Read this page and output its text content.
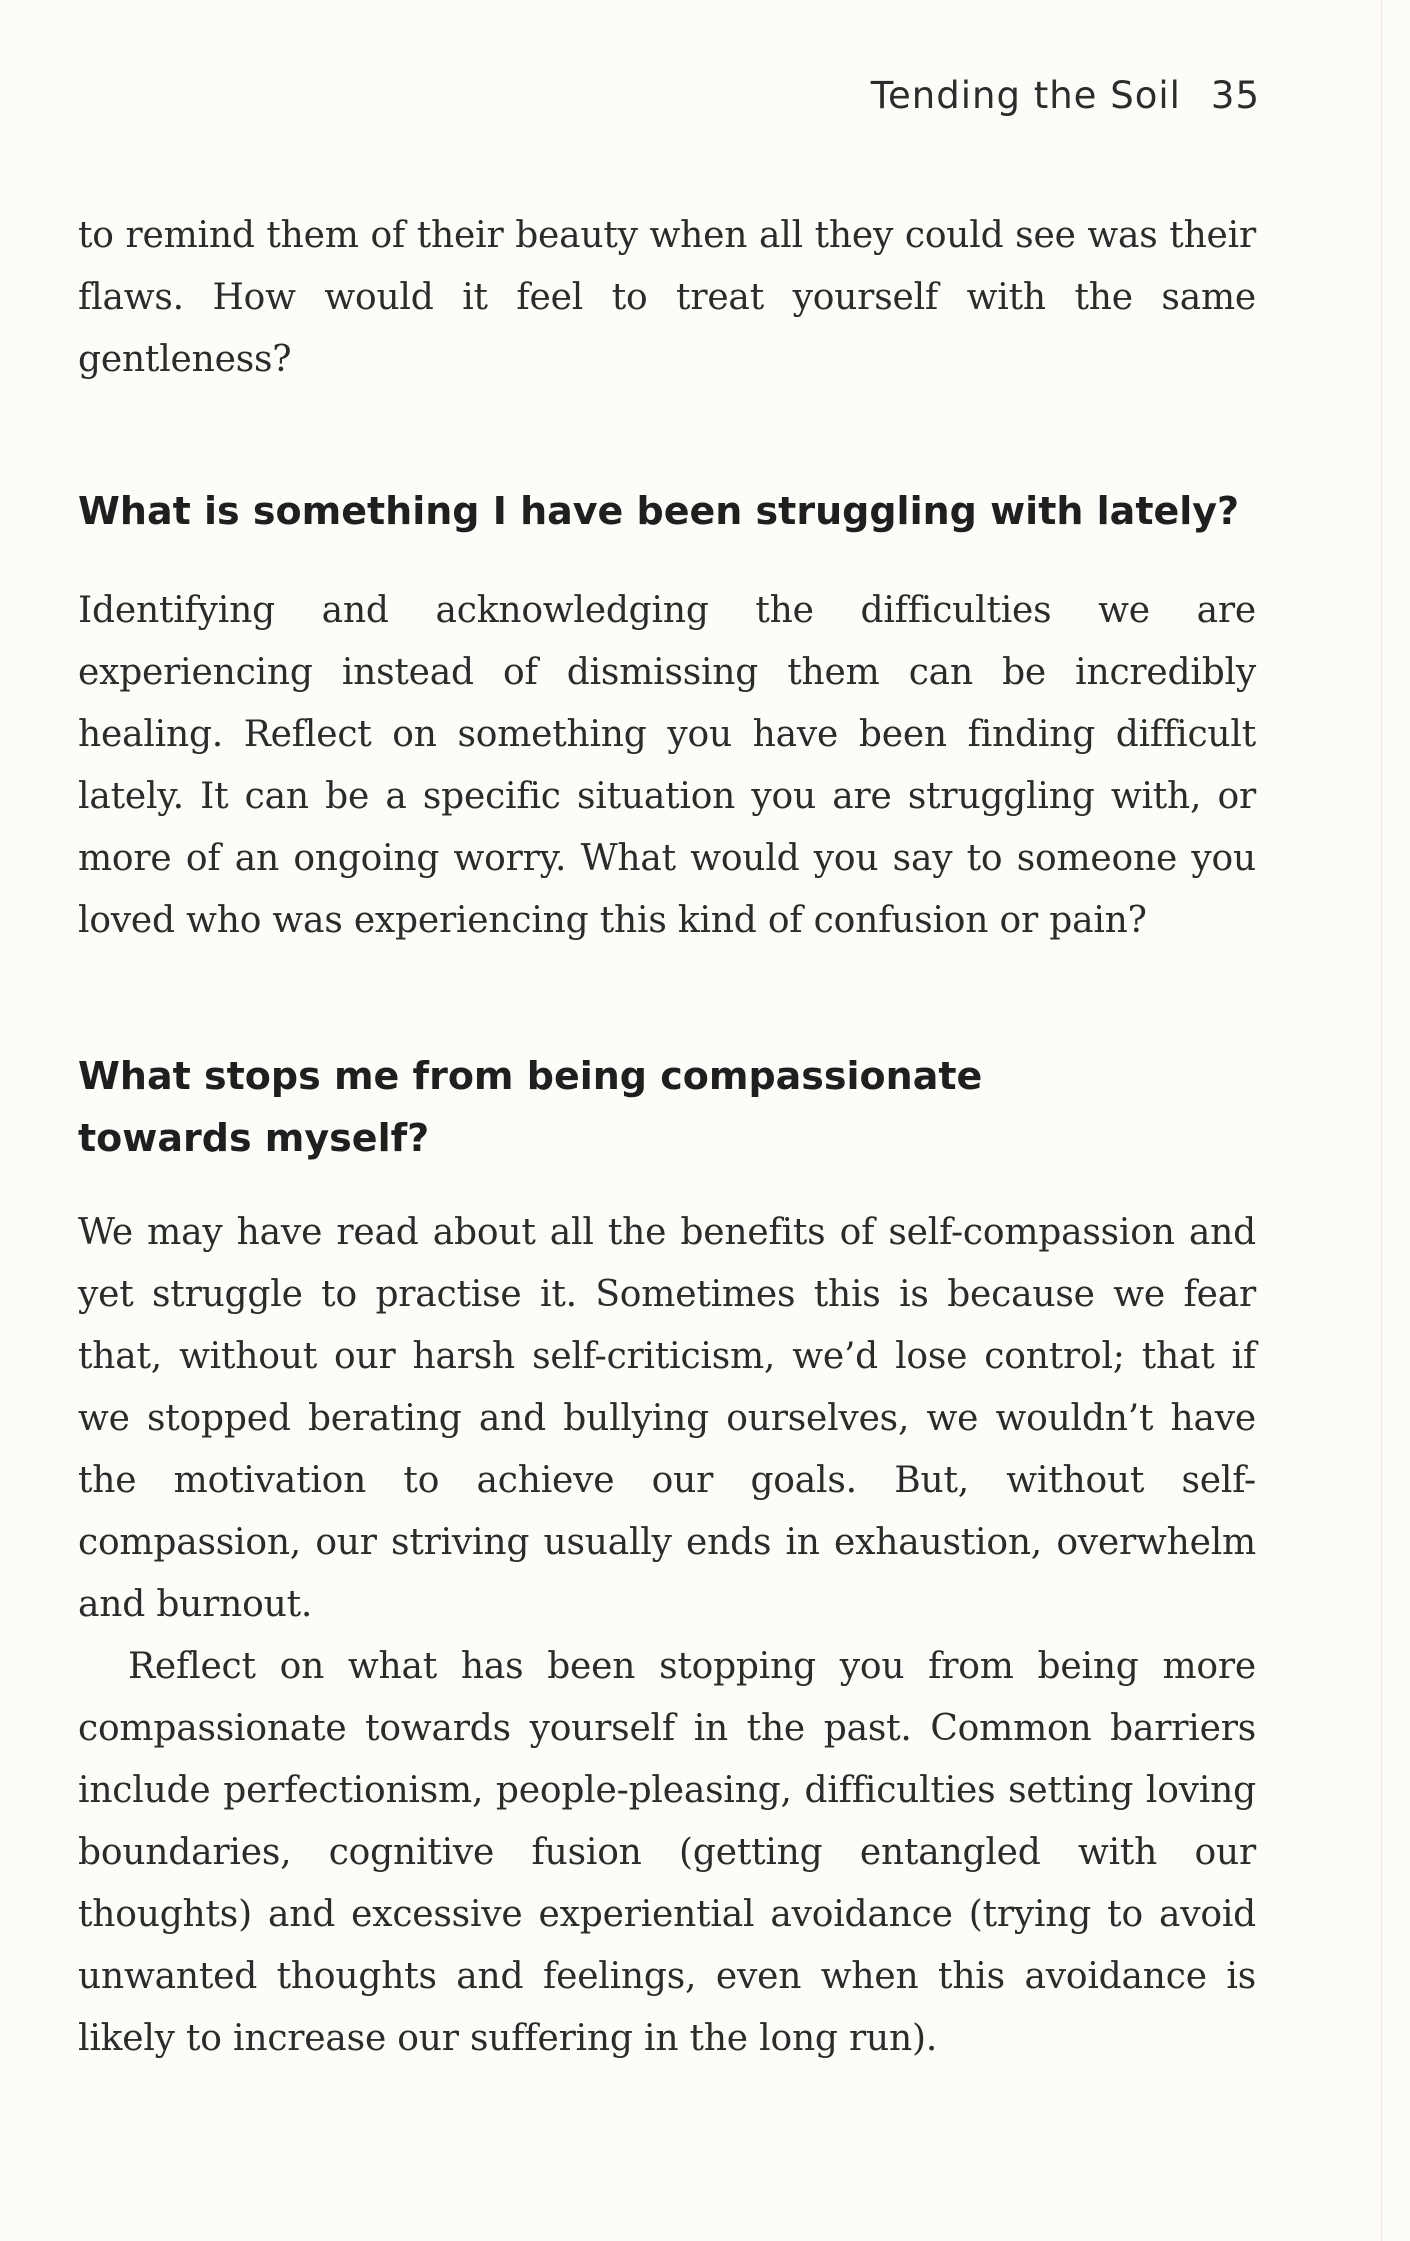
Tending the Soil 35

to remind them of their beauty when all they could see was their flaws. How would it feel to treat yourself with the same gentleness?

What is something I have been struggling with lately?

Identifying and acknowledging the difficulties we are experiencing instead of dismissing them can be incredibly healing. Reflect on something you have been finding difficult lately. It can be a specific situation you are struggling with, or more of an ongoing worry. What would you say to someone you loved who was experiencing this kind of confusion or pain?

What stops me from being compassionate towards myself?

We may have read about all the benefits of self-compassion and yet struggle to practise it. Sometimes this is because we fear that, without our harsh self-criticism, we’d lose control; that if we stopped berating and bullying ourselves, we wouldn’t have the motivation to achieve our goals. But, without self-compassion, our striving usually ends in exhaustion, overwhelm and burnout.

Reflect on what has been stopping you from being more compassionate towards yourself in the past. Common barriers include perfectionism, people-pleasing, difficulties setting loving boundaries, cognitive fusion (getting entangled with our thoughts) and excessive experiential avoidance (trying to avoid unwanted thoughts and feelings, even when this avoidance is likely to increase our suffering in the long run).
